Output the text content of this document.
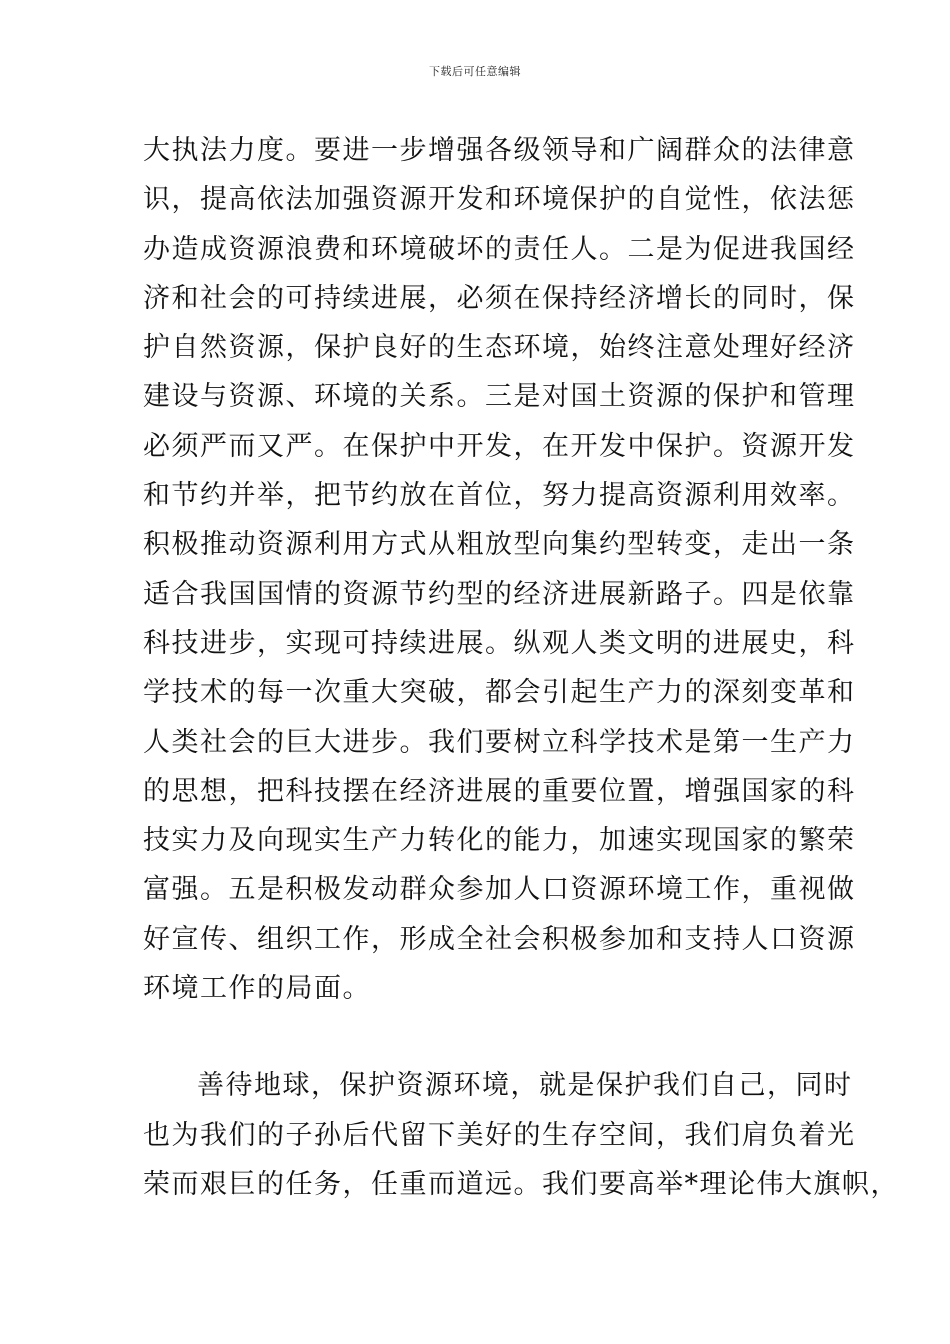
下载后可任意编辑
大执法力度。要进一步增强各级领导和广阔群众的法律意
识，提高依法加强资源开发和环境保护的自觉性，依法惩
办造成资源浪费和环境破坏的责任人。二是为促进我国经
济和社会的可持续进展，必须在保持经济增长的同时，保
护自然资源，保护良好的生态环境，始终注意处理好经济
建设与资源、环境的关系。三是对国土资源的保护和管理
必须严而又严。在保护中开发，在开发中保护。资源开发
和节约并举，把节约放在首位，努力提高资源利用效率。
积极推动资源利用方式从粗放型向集约型转变，走出一条
适合我国国情的资源节约型的经济进展新路子。四是依靠
科技进步，实现可持续进展。纵观人类文明的进展史，科
学技术的每一次重大突破，都会引起生产力的深刻变革和
人类社会的巨大进步。我们要树立科学技术是第一生产力
的思想，把科技摆在经济进展的重要位置，增强国家的科
技实力及向现实生产力转化的能力，加速实现国家的繁荣
富强。五是积极发动群众参加人口资源环境工作，重视做
好宣传、组织工作，形成全社会积极参加和支持人口资源
环境工作的局面。
善待地球，保护资源环境，就是保护我们自己，同时
也为我们的子孙后代留下美好的生存空间，我们肩负着光
荣而艰巨的任务，任重而道远。我们要高举*理论伟大旗帜，
